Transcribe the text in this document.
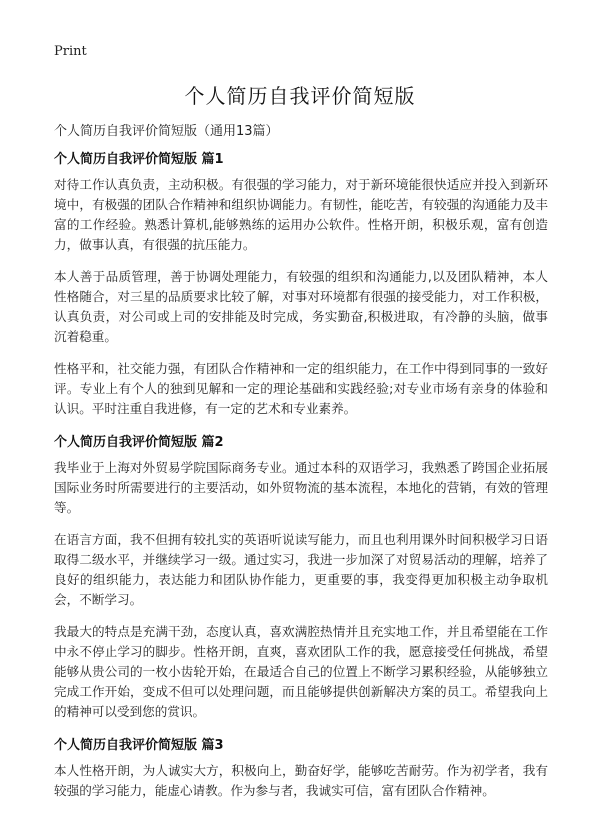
Print
个人简历自我评价简短版
个人简历自我评价简短版（通用13篇）
个人简历自我评价简短版 篇1

对待工作认真负责，主动积极。有很强的学习能力，对于新环境能很快适应并投入到新环境中，有极强的团队合作精神和组织协调能力。有韧性，能吃苦，有较强的沟通能力及丰富的工作经验。熟悉计算机,能够熟练的运用办公软件。性格开朗，积极乐观，富有创造力，做事认真，有很强的抗压能力。

本人善于品质管理，善于协调处理能力，有较强的组织和沟通能力,以及团队精神，本人性格随合，对三星的品质要求比较了解，对事对环境都有很强的接受能力，对工作积极，认真负责，对公司或上司的安排能及时完成，务实勤奋,积极进取，有冷静的头脑，做事沉着稳重。

性格平和，社交能力强，有团队合作精神和一定的组织能力，在工作中得到同事的一致好评。专业上有个人的独到见解和一定的理论基础和实践经验;对专业市场有亲身的体验和认识。平时注重自我进修，有一定的艺术和专业素养。

个人简历自我评价简短版 篇2

我毕业于上海对外贸易学院国际商务专业。通过本科的双语学习，我熟悉了跨国企业拓展国际业务时所需要进行的主要活动，如外贸物流的基本流程，本地化的营销，有效的管理等。

在语言方面，我不但拥有较扎实的英语听说读写能力，而且也利用课外时间积极学习日语取得二级水平，并继续学习一级。通过实习，我进一步加深了对贸易活动的理解，培养了良好的组织能力，表达能力和团队协作能力，更重要的事，我变得更加积极主动争取机会，不断学习。

我最大的特点是充满干劲，态度认真，喜欢满腔热情并且充实地工作，并且希望能在工作中永不停止学习的脚步。性格开朗，直爽，喜欢团队工作的我，愿意接受任何挑战，希望能够从贵公司的一枚小齿轮开始，在最适合自己的位置上不断学习累积经验，从能够独立完成工作开始，变成不但可以处理问题，而且能够提供创新解决方案的员工。希望我向上的精神可以受到您的赏识。

个人简历自我评价简短版 篇3

本人性格开朗，为人诚实大方，积极向上，勤奋好学，能够吃苦耐劳。作为初学者，我有较强的学习能力，能虚心请教。作为参与者，我诚实可信，富有团队合作精神。
